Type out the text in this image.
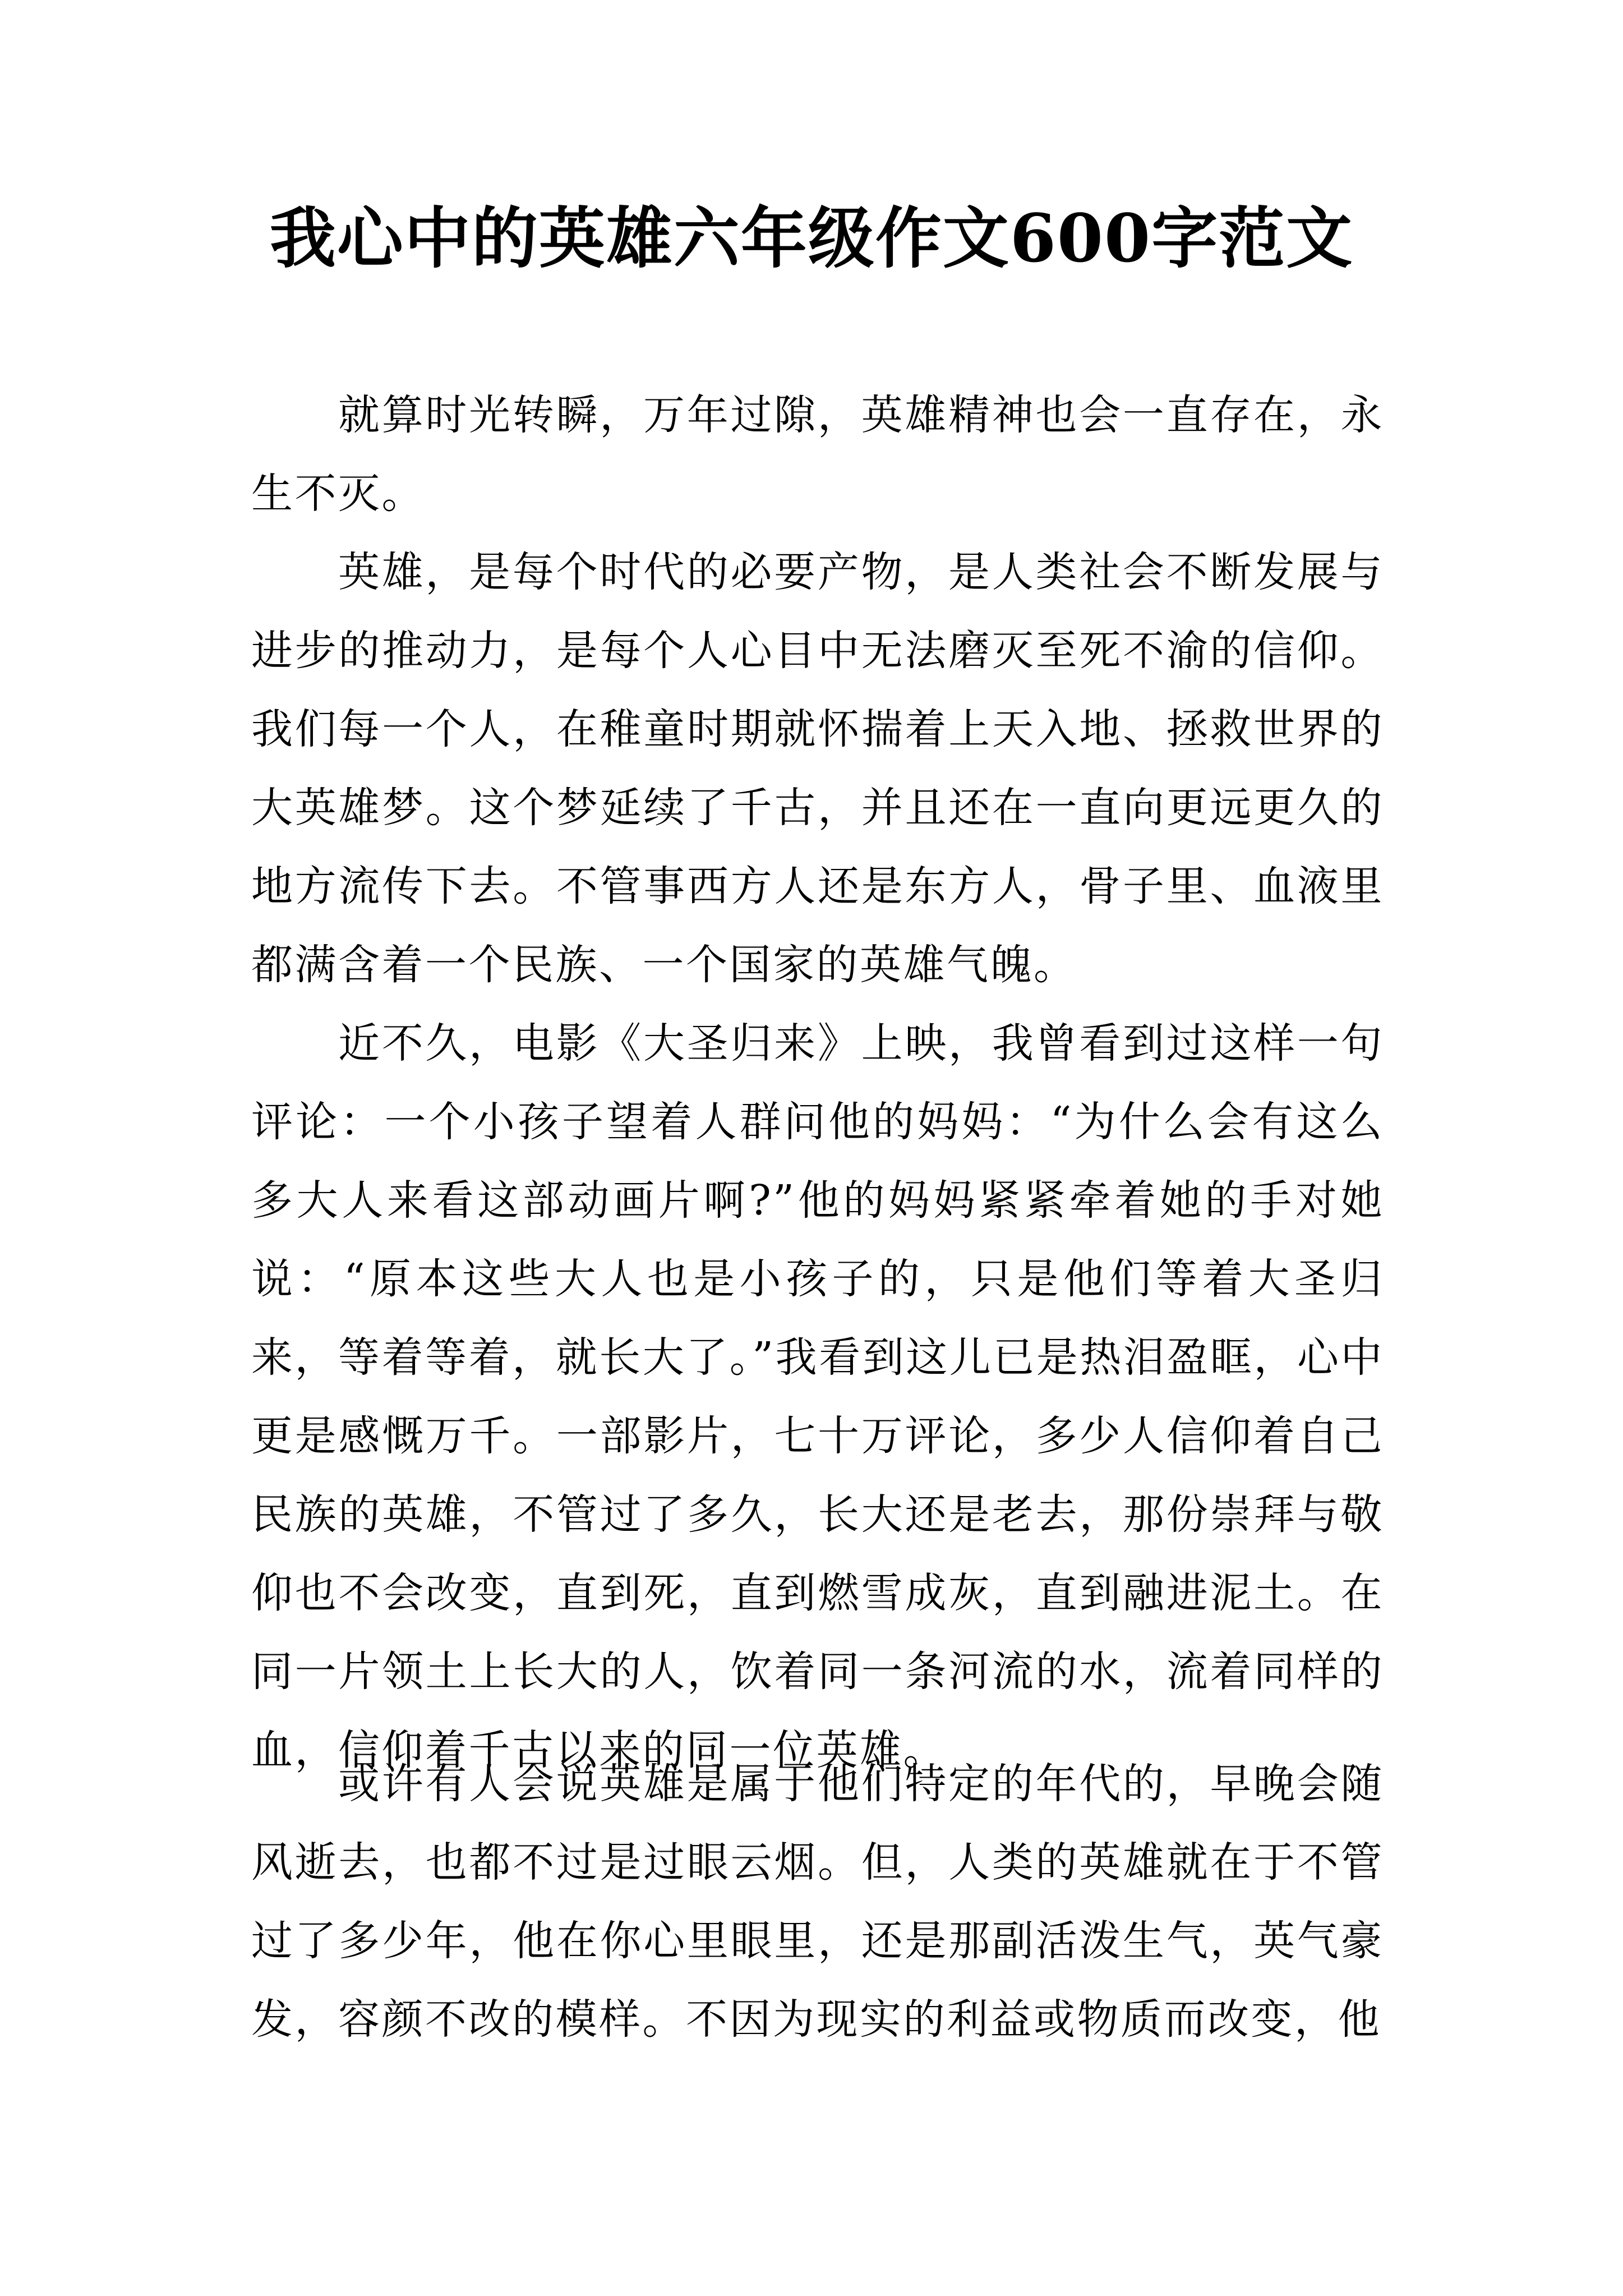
我心中的英雄六年级作文600字范文

就算时光转瞬，万年过隙，英雄精神也会一直存在，永生不灭。

英雄，是每个时代的必要产物，是人类社会不断发展与进步的推动力，是每个人心目中无法磨灭至死不渝的信仰。我们每一个人，在稚童时期就怀揣着上天入地、拯救世界的大英雄梦。这个梦延续了千古，并且还在一直向更远更久的地方流传下去。不管事西方人还是东方人，骨子里、血液里都满含着一个民族、一个国家的英雄气魄。

近不久，电影《大圣归来》上映，我曾看到过这样一句评论：一个小孩子望着人群问他的妈妈：“为什么会有这么多大人来看这部动画片啊?”他的妈妈紧紧牵着她的手对她说：“原本这些大人也是小孩子的，只是他们等着大圣归来，等着等着，就长大了。”我看到这儿已是热泪盈眶，心中更是感慨万千。一部影片，七十万评论，多少人信仰着自己民族的英雄，不管过了多久，长大还是老去，那份崇拜与敬仰也不会改变，直到死，直到燃雪成灰，直到融进泥土。在同一片领土上长大的人，饮着同一条河流的水，流着同样的血，信仰着千古以来的同一位英雄。

或许有人会说英雄是属于他们特定的年代的，早晚会随风逝去，也都不过是过眼云烟。但，人类的英雄就在于不管过了多少年，他在你心里眼里，还是那副活泼生气，英气豪发，容颜不改的模样。不因为现实的利益或物质而改变，他
